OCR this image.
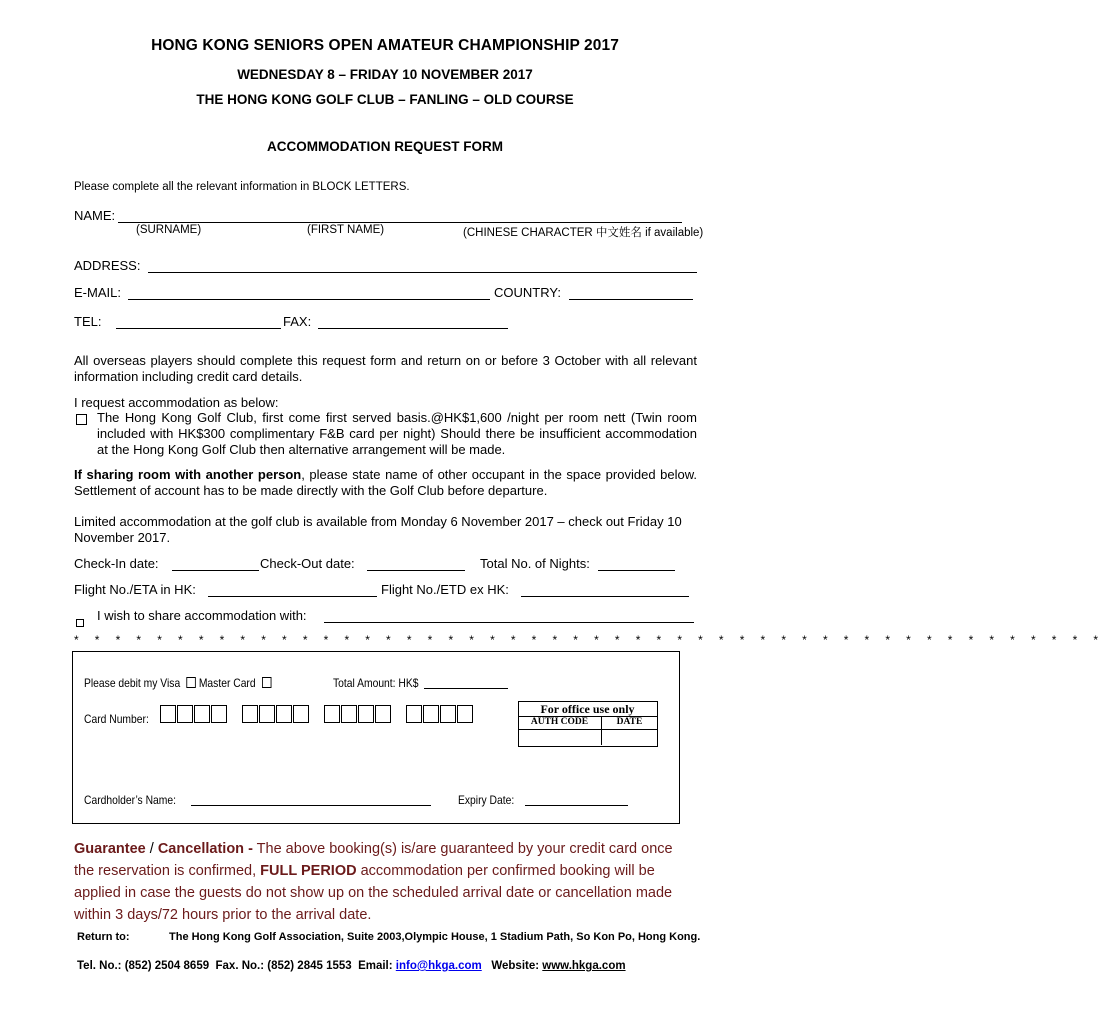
HONG KONG SENIORS OPEN AMATEUR CHAMPIONSHIP 2017
WEDNESDAY 8 – FRIDAY 10 NOVEMBER 2017
THE HONG KONG GOLF CLUB – FANLING – OLD COURSE
ACCOMMODATION REQUEST FORM
Please complete all the relevant information in BLOCK LETTERS.
NAME:
(SURNAME)	(FIRST NAME)	(CHINESE CHARACTER 中文姓名 if available)
ADDRESS:
E-MAIL:	COUNTRY:
TEL:	FAX:
All overseas players should complete this request form and return on or before 3 October with all relevant information including credit card details.
I request accommodation as below:
The Hong Kong Golf Club, first come first served basis.@HK$1,600 /night per room nett (Twin room included with HK$300 complimentary F&B card per night) Should there be insufficient accommodation at the Hong Kong Golf Club then alternative arrangement will be made.
If sharing room with another person, please state name of other occupant in the space provided below. Settlement of account has to be made directly with the Golf Club before departure.
Limited accommodation at the golf club is available from Monday 6 November 2017 – check out Friday 10 November 2017.
Check-In date:	Check-Out date:	Total No. of Nights:
Flight No./ETA in HK:	Flight No./ETD ex HK:
I wish to share accommodation with:
* * * * * * * * * * * * * * * * * * * * * * * * * * * * * * * * * * * * * * * * * * * * * * * * * *
Please debit my Visa Master Card	Total Amount: HK$
Card Number:
For office use only
AUTH CODE	DATE
Cardholder’s Name:	Expiry Date:
Guarantee / Cancellation - The above booking(s) is/are guaranteed by your credit card once the reservation is confirmed, FULL PERIOD accommodation per confirmed booking will be applied in case the guests do not show up on the scheduled arrival date or cancellation made within 3 days/72 hours prior to the arrival date.
Return to:	The Hong Kong Golf Association, Suite 2003,Olympic House, 1 Stadium Path, So Kon Po, Hong Kong.
Tel. No.: (852) 2504 8659 Fax. No.: (852) 2845 1553 Email: info@hkga.com Website: www.hkga.com
